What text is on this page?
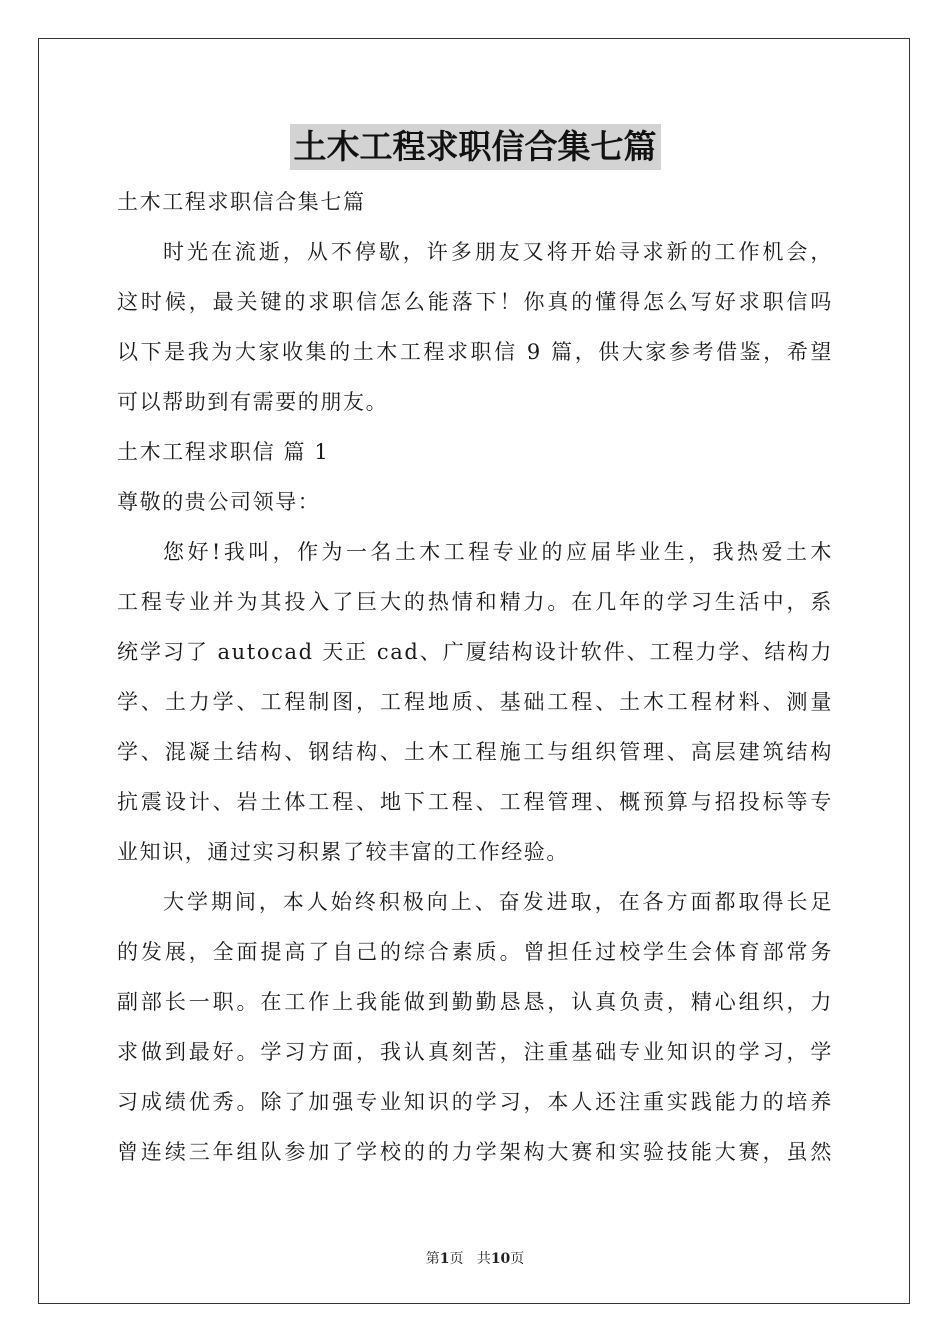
土木工程求职信合集七篇
土木工程求职信合集七篇
时光在流逝，从不停歇，许多朋友又将开始寻求新的工作机会，
这时候，最关键的求职信怎么能落下！你真的懂得怎么写好求职信吗
以下是我为大家收集的土木工程求职信 9 篇，供大家参考借鉴，希望
可以帮助到有需要的朋友。
土木工程求职信 篇 1
尊敬的贵公司领导：
您好!我叫，作为一名土木工程专业的应届毕业生，我热爱土木
工程专业并为其投入了巨大的热情和精力。在几年的学习生活中，系
统学习了 autocad 天正 cad、广厦结构设计软件、工程力学、结构力
学、土力学、工程制图，工程地质、基础工程、土木工程材料、测量
学、混凝土结构、钢结构、土木工程施工与组织管理、高层建筑结构
抗震设计、岩土体工程、地下工程、工程管理、概预算与招投标等专
业知识，通过实习积累了较丰富的工作经验。
大学期间，本人始终积极向上、奋发进取，在各方面都取得长足
的发展，全面提高了自己的综合素质。曾担任过校学生会体育部常务
副部长一职。在工作上我能做到勤勤恳恳，认真负责，精心组织，力
求做到最好。学习方面，我认真刻苦，注重基础专业知识的学习，学
习成绩优秀。除了加强专业知识的学习，本人还注重实践能力的培养
曾连续三年组队参加了学校的的力学架构大赛和实验技能大赛，虽然
第1页 共10页
